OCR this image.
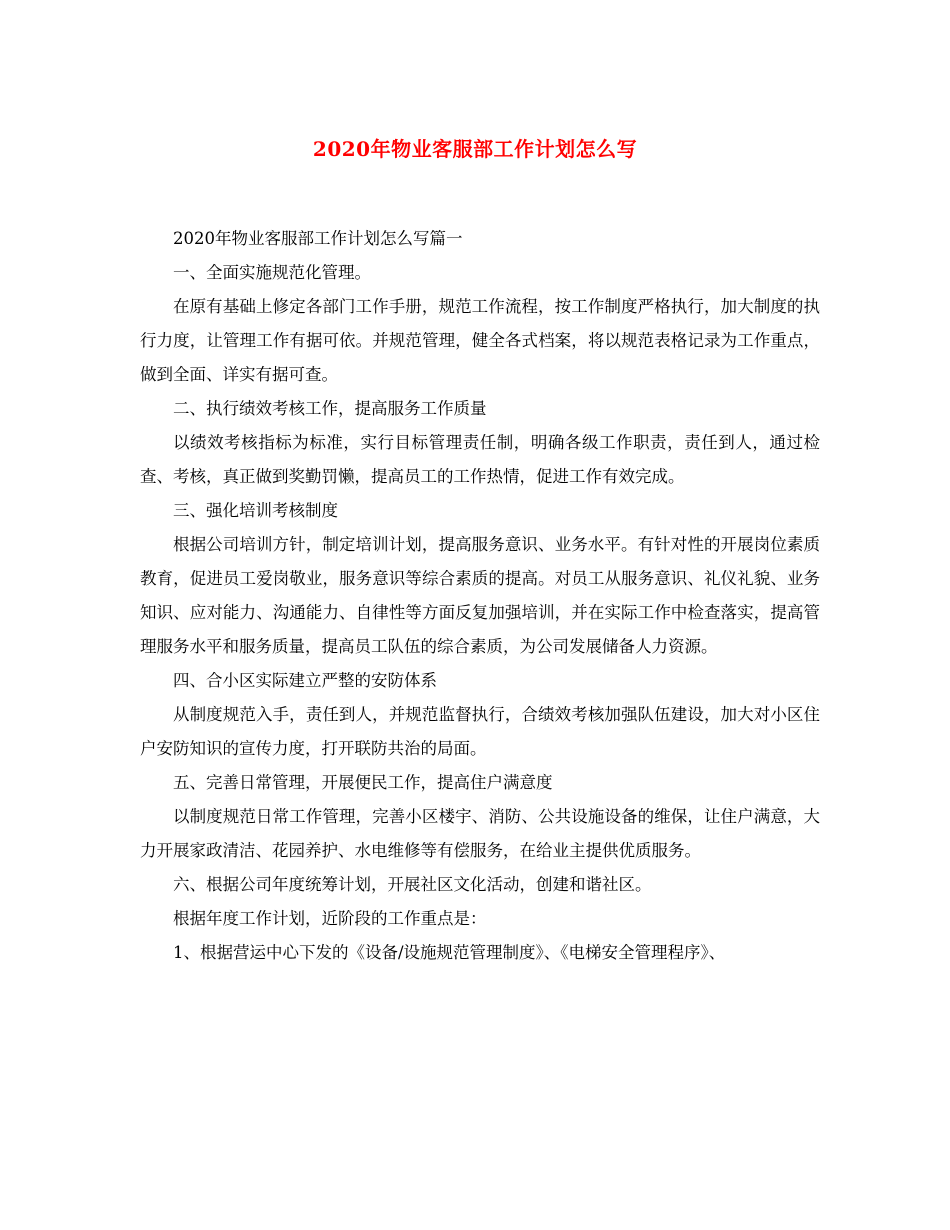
2020年物业客服部工作计划怎么写

2020年物业客服部工作计划怎么写篇一

一、全面实施规范化管理。

在原有基础上修定各部门工作手册，规范工作流程，按工作制度严格执行，加大制度的执行力度，让管理工作有据可依。并规范管理，健全各式档案，将以规范表格记录为工作重点，做到全面、详实有据可查。

二、执行绩效考核工作，提高服务工作质量

以绩效考核指标为标准，实行目标管理责任制，明确各级工作职责，责任到人，通过检查、考核，真正做到奖勤罚懒，提高员工的工作热情，促进工作有效完成。

三、强化培训考核制度

根据公司培训方针，制定培训计划，提高服务意识、业务水平。有针对性的开展岗位素质教育，促进员工爱岗敬业，服务意识等综合素质的提高。对员工从服务意识、礼仪礼貌、业务知识、应对能力、沟通能力、自律性等方面反复加强培训，并在实际工作中检查落实，提高管理服务水平和服务质量，提高员工队伍的综合素质，为公司发展储备人力资源。

四、合小区实际建立严整的安防体系

从制度规范入手，责任到人，并规范监督执行，合绩效考核加强队伍建设，加大对小区住户安防知识的宣传力度，打开联防共治的局面。

五、完善日常管理，开展便民工作，提高住户满意度

以制度规范日常工作管理，完善小区楼宇、消防、公共设施设备的维保，让住户满意，大力开展家政清洁、花园养护、水电维修等有偿服务，在给业主提供优质服务。

六、根据公司年度统筹计划，开展社区文化活动，创建和谐社区。

根据年度工作计划，近阶段的工作重点是：

1、根据营运中心下发的《设备/设施规范管理制度》、《电梯安全管理程序》、
